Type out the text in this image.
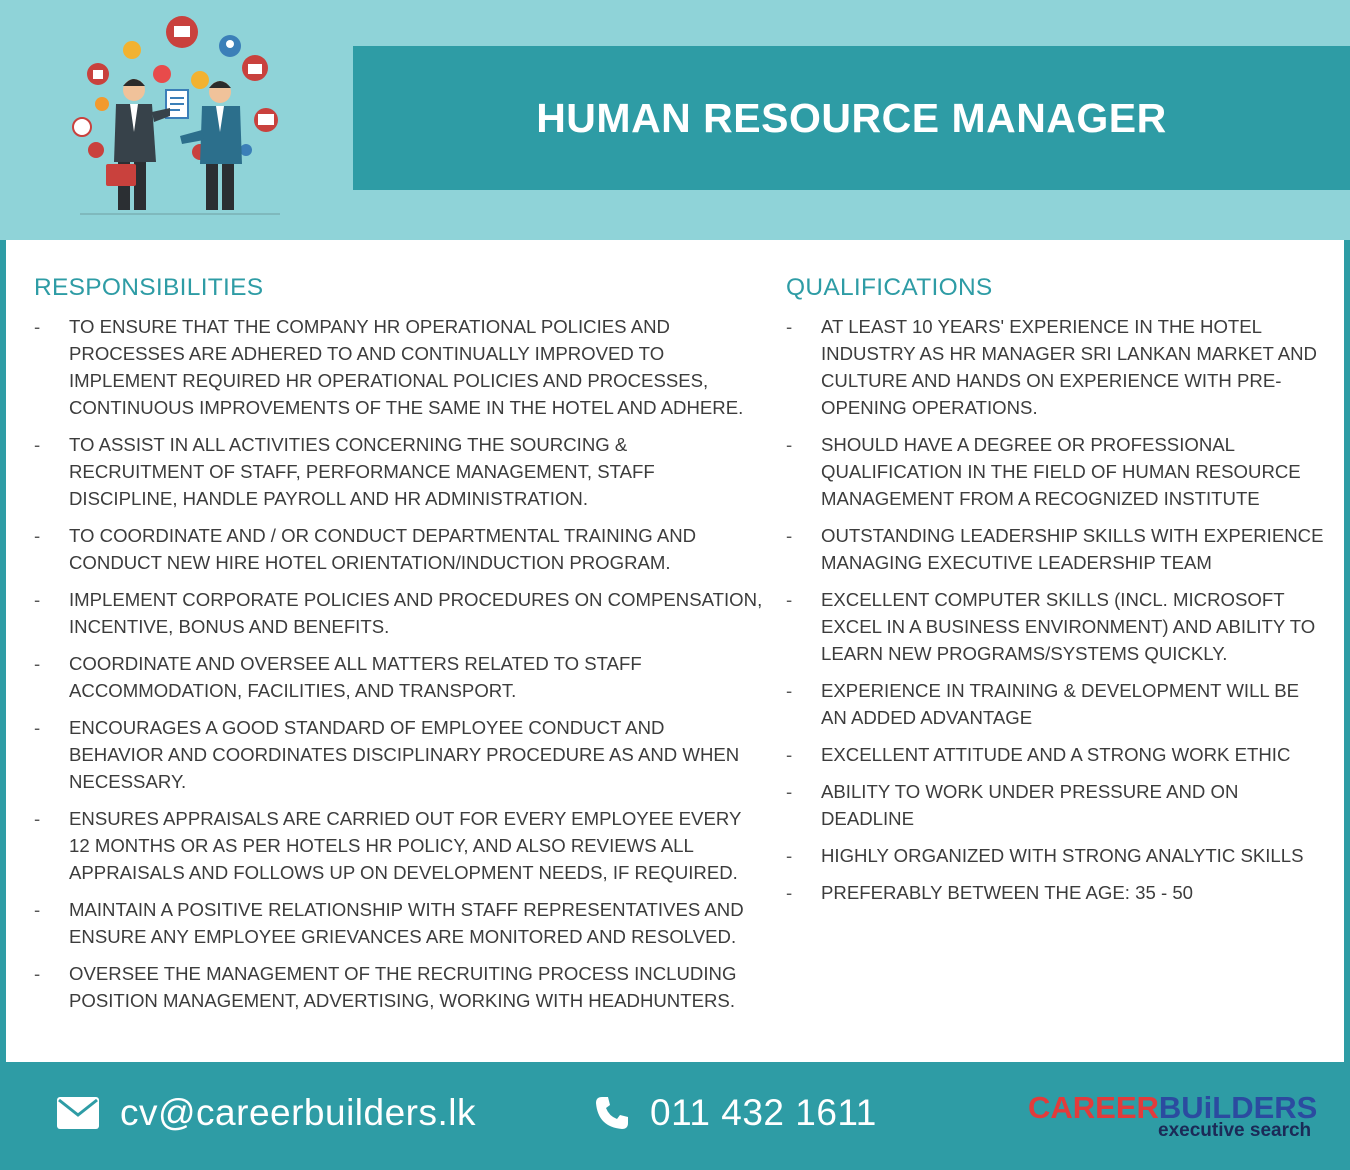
HUMAN RESOURCE MANAGER
RESPONSIBILITIES
- TO ENSURE THAT THE COMPANY HR OPERATIONAL POLICIES AND PROCESSES ARE ADHERED TO AND CONTINUALLY IMPROVED TO IMPLEMENT REQUIRED HR OPERATIONAL POLICIES AND PROCESSES, CONTINUOUS IMPROVEMENTS OF THE SAME IN THE HOTEL AND ADHERE.
- TO ASSIST IN ALL ACTIVITIES CONCERNING THE SOURCING & RECRUITMENT OF STAFF, PERFORMANCE MANAGEMENT, STAFF DISCIPLINE, HANDLE PAYROLL AND HR ADMINISTRATION.
- TO COORDINATE AND / OR CONDUCT DEPARTMENTAL TRAINING AND CONDUCT NEW HIRE HOTEL ORIENTATION/INDUCTION PROGRAM.
- IMPLEMENT CORPORATE POLICIES AND PROCEDURES ON COMPENSATION, INCENTIVE, BONUS AND BENEFITS.
- COORDINATE AND OVERSEE ALL MATTERS RELATED TO STAFF ACCOMMODATION, FACILITIES, AND TRANSPORT.
- ENCOURAGES A GOOD STANDARD OF EMPLOYEE CONDUCT AND BEHAVIOR AND COORDINATES DISCIPLINARY PROCEDURE AS AND WHEN NECESSARY.
- ENSURES APPRAISALS ARE CARRIED OUT FOR EVERY EMPLOYEE EVERY 12 MONTHS OR AS PER HOTELS HR POLICY, AND ALSO REVIEWS ALL APPRAISALS AND FOLLOWS UP ON DEVELOPMENT NEEDS, IF REQUIRED.
- MAINTAIN A POSITIVE RELATIONSHIP WITH STAFF REPRESENTATIVES AND ENSURE ANY EMPLOYEE GRIEVANCES ARE MONITORED AND RESOLVED.
- OVERSEE THE MANAGEMENT OF THE RECRUITING PROCESS INCLUDING POSITION MANAGEMENT, ADVERTISING, WORKING WITH HEADHUNTERS.
QUALIFICATIONS
- AT LEAST 10 YEARS' EXPERIENCE IN THE HOTEL INDUSTRY AS HR MANAGER SRI LANKAN MARKET AND CULTURE AND HANDS ON EXPERIENCE WITH PRE-OPENING OPERATIONS.
- SHOULD HAVE A DEGREE OR PROFESSIONAL QUALIFICATION IN THE FIELD OF HUMAN RESOURCE MANAGEMENT FROM A RECOGNIZED INSTITUTE
- OUTSTANDING LEADERSHIP SKILLS WITH EXPERIENCE MANAGING EXECUTIVE LEADERSHIP TEAM
- EXCELLENT COMPUTER SKILLS (INCL. MICROSOFT EXCEL IN A BUSINESS ENVIRONMENT) AND ABILITY TO LEARN NEW PROGRAMS/SYSTEMS QUICKLY.
- EXPERIENCE IN TRAINING & DEVELOPMENT WILL BE AN ADDED ADVANTAGE
- EXCELLENT ATTITUDE AND A STRONG WORK ETHIC
- ABILITY TO WORK UNDER PRESSURE AND ON DEADLINE
- HIGHLY ORGANIZED WITH STRONG ANALYTIC SKILLS
- PREFERABLY BETWEEN THE AGE: 35 - 50
cv@careerbuilders.lk	011 432 1611	CAREERBUiLDERS
executive search
